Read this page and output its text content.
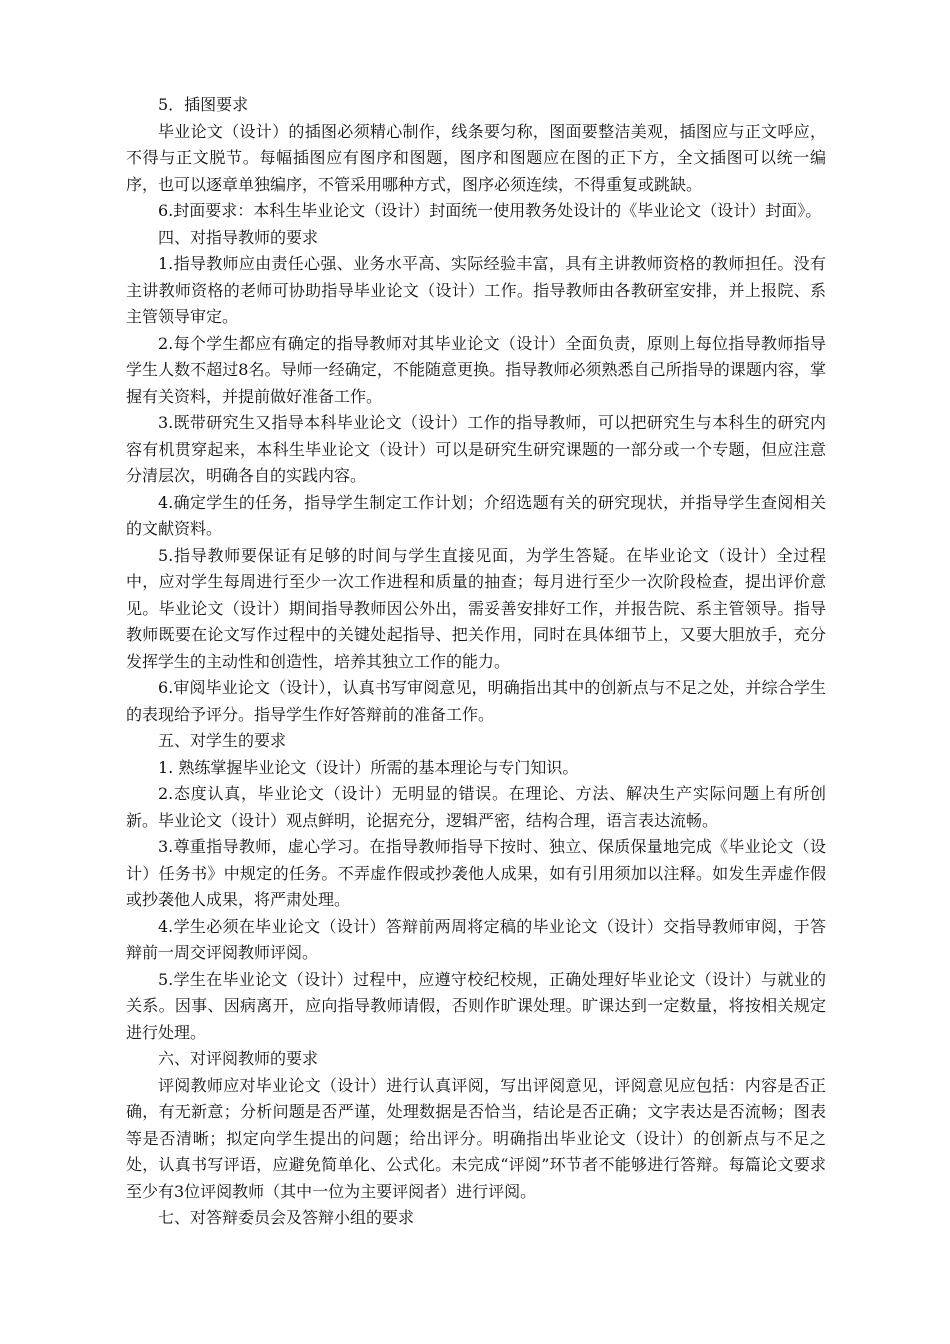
5．插图要求

毕业论文（设计）的插图必须精心制作，线条要匀称，图面要整洁美观，插图应与正文呼应，不得与正文脱节。每幅插图应有图序和图题，图序和图题应在图的正下方，全文插图可以统一编序，也可以逐章单独编序，不管采用哪种方式，图序必须连续，不得重复或跳缺。

6.封面要求：本科生毕业论文（设计）封面统一使用教务处设计的《毕业论文（设计）封面》。

四、对指导教师的要求

1.指导教师应由责任心强、业务水平高、实际经验丰富，具有主讲教师资格的教师担任。没有主讲教师资格的老师可协助指导毕业论文（设计）工作。指导教师由各教研室安排，并上报院、系主管领导审定。

2.每个学生都应有确定的指导教师对其毕业论文（设计）全面负责，原则上每位指导教师指导学生人数不超过8名。导师一经确定，不能随意更换。指导教师必须熟悉自己所指导的课题内容，掌握有关资料，并提前做好准备工作。

3.既带研究生又指导本科毕业论文（设计）工作的指导教师，可以把研究生与本科生的研究内容有机贯穿起来，本科生毕业论文（设计）可以是研究生研究课题的一部分或一个专题，但应注意分清层次，明确各自的实践内容。

4.确定学生的任务，指导学生制定工作计划；介绍选题有关的研究现状，并指导学生查阅相关的文献资料。

5.指导教师要保证有足够的时间与学生直接见面，为学生答疑。在毕业论文（设计）全过程中，应对学生每周进行至少一次工作进程和质量的抽查；每月进行至少一次阶段检查，提出评价意见。毕业论文（设计）期间指导教师因公外出，需妥善安排好工作，并报告院、系主管领导。指导教师既要在论文写作过程中的关键处起指导、把关作用，同时在具体细节上，又要大胆放手，充分发挥学生的主动性和创造性，培养其独立工作的能力。

6.审阅毕业论文（设计），认真书写审阅意见，明确指出其中的创新点与不足之处，并综合学生的表现给予评分。指导学生作好答辩前的准备工作。

五、对学生的要求

1. 熟练掌握毕业论文（设计）所需的基本理论与专门知识。

2.态度认真，毕业论文（设计）无明显的错误。在理论、方法、解决生产实际问题上有所创新。毕业论文（设计）观点鲜明，论据充分，逻辑严密，结构合理，语言表达流畅。

3.尊重指导教师，虚心学习。在指导教师指导下按时、独立、保质保量地完成《毕业论文（设计）任务书》中规定的任务。不弄虚作假或抄袭他人成果，如有引用须加以注释。如发生弄虚作假或抄袭他人成果，将严肃处理。

4.学生必须在毕业论文（设计）答辩前两周将定稿的毕业论文（设计）交指导教师审阅，于答辩前一周交评阅教师评阅。

5.学生在毕业论文（设计）过程中，应遵守校纪校规，正确处理好毕业论文（设计）与就业的关系。因事、因病离开，应向指导教师请假，否则作旷课处理。旷课达到一定数量，将按相关规定进行处理。

六、对评阅教师的要求

评阅教师应对毕业论文（设计）进行认真评阅，写出评阅意见，评阅意见应包括：内容是否正确，有无新意；分析问题是否严谨，处理数据是否恰当，结论是否正确；文字表达是否流畅；图表等是否清晰；拟定向学生提出的问题；给出评分。明确指出毕业论文（设计）的创新点与不足之处，认真书写评语，应避免简单化、公式化。未完成“评阅”环节者不能够进行答辩。每篇论文要求至少有3位评阅教师（其中一位为主要评阅者）进行评阅。

七、对答辩委员会及答辩小组的要求
